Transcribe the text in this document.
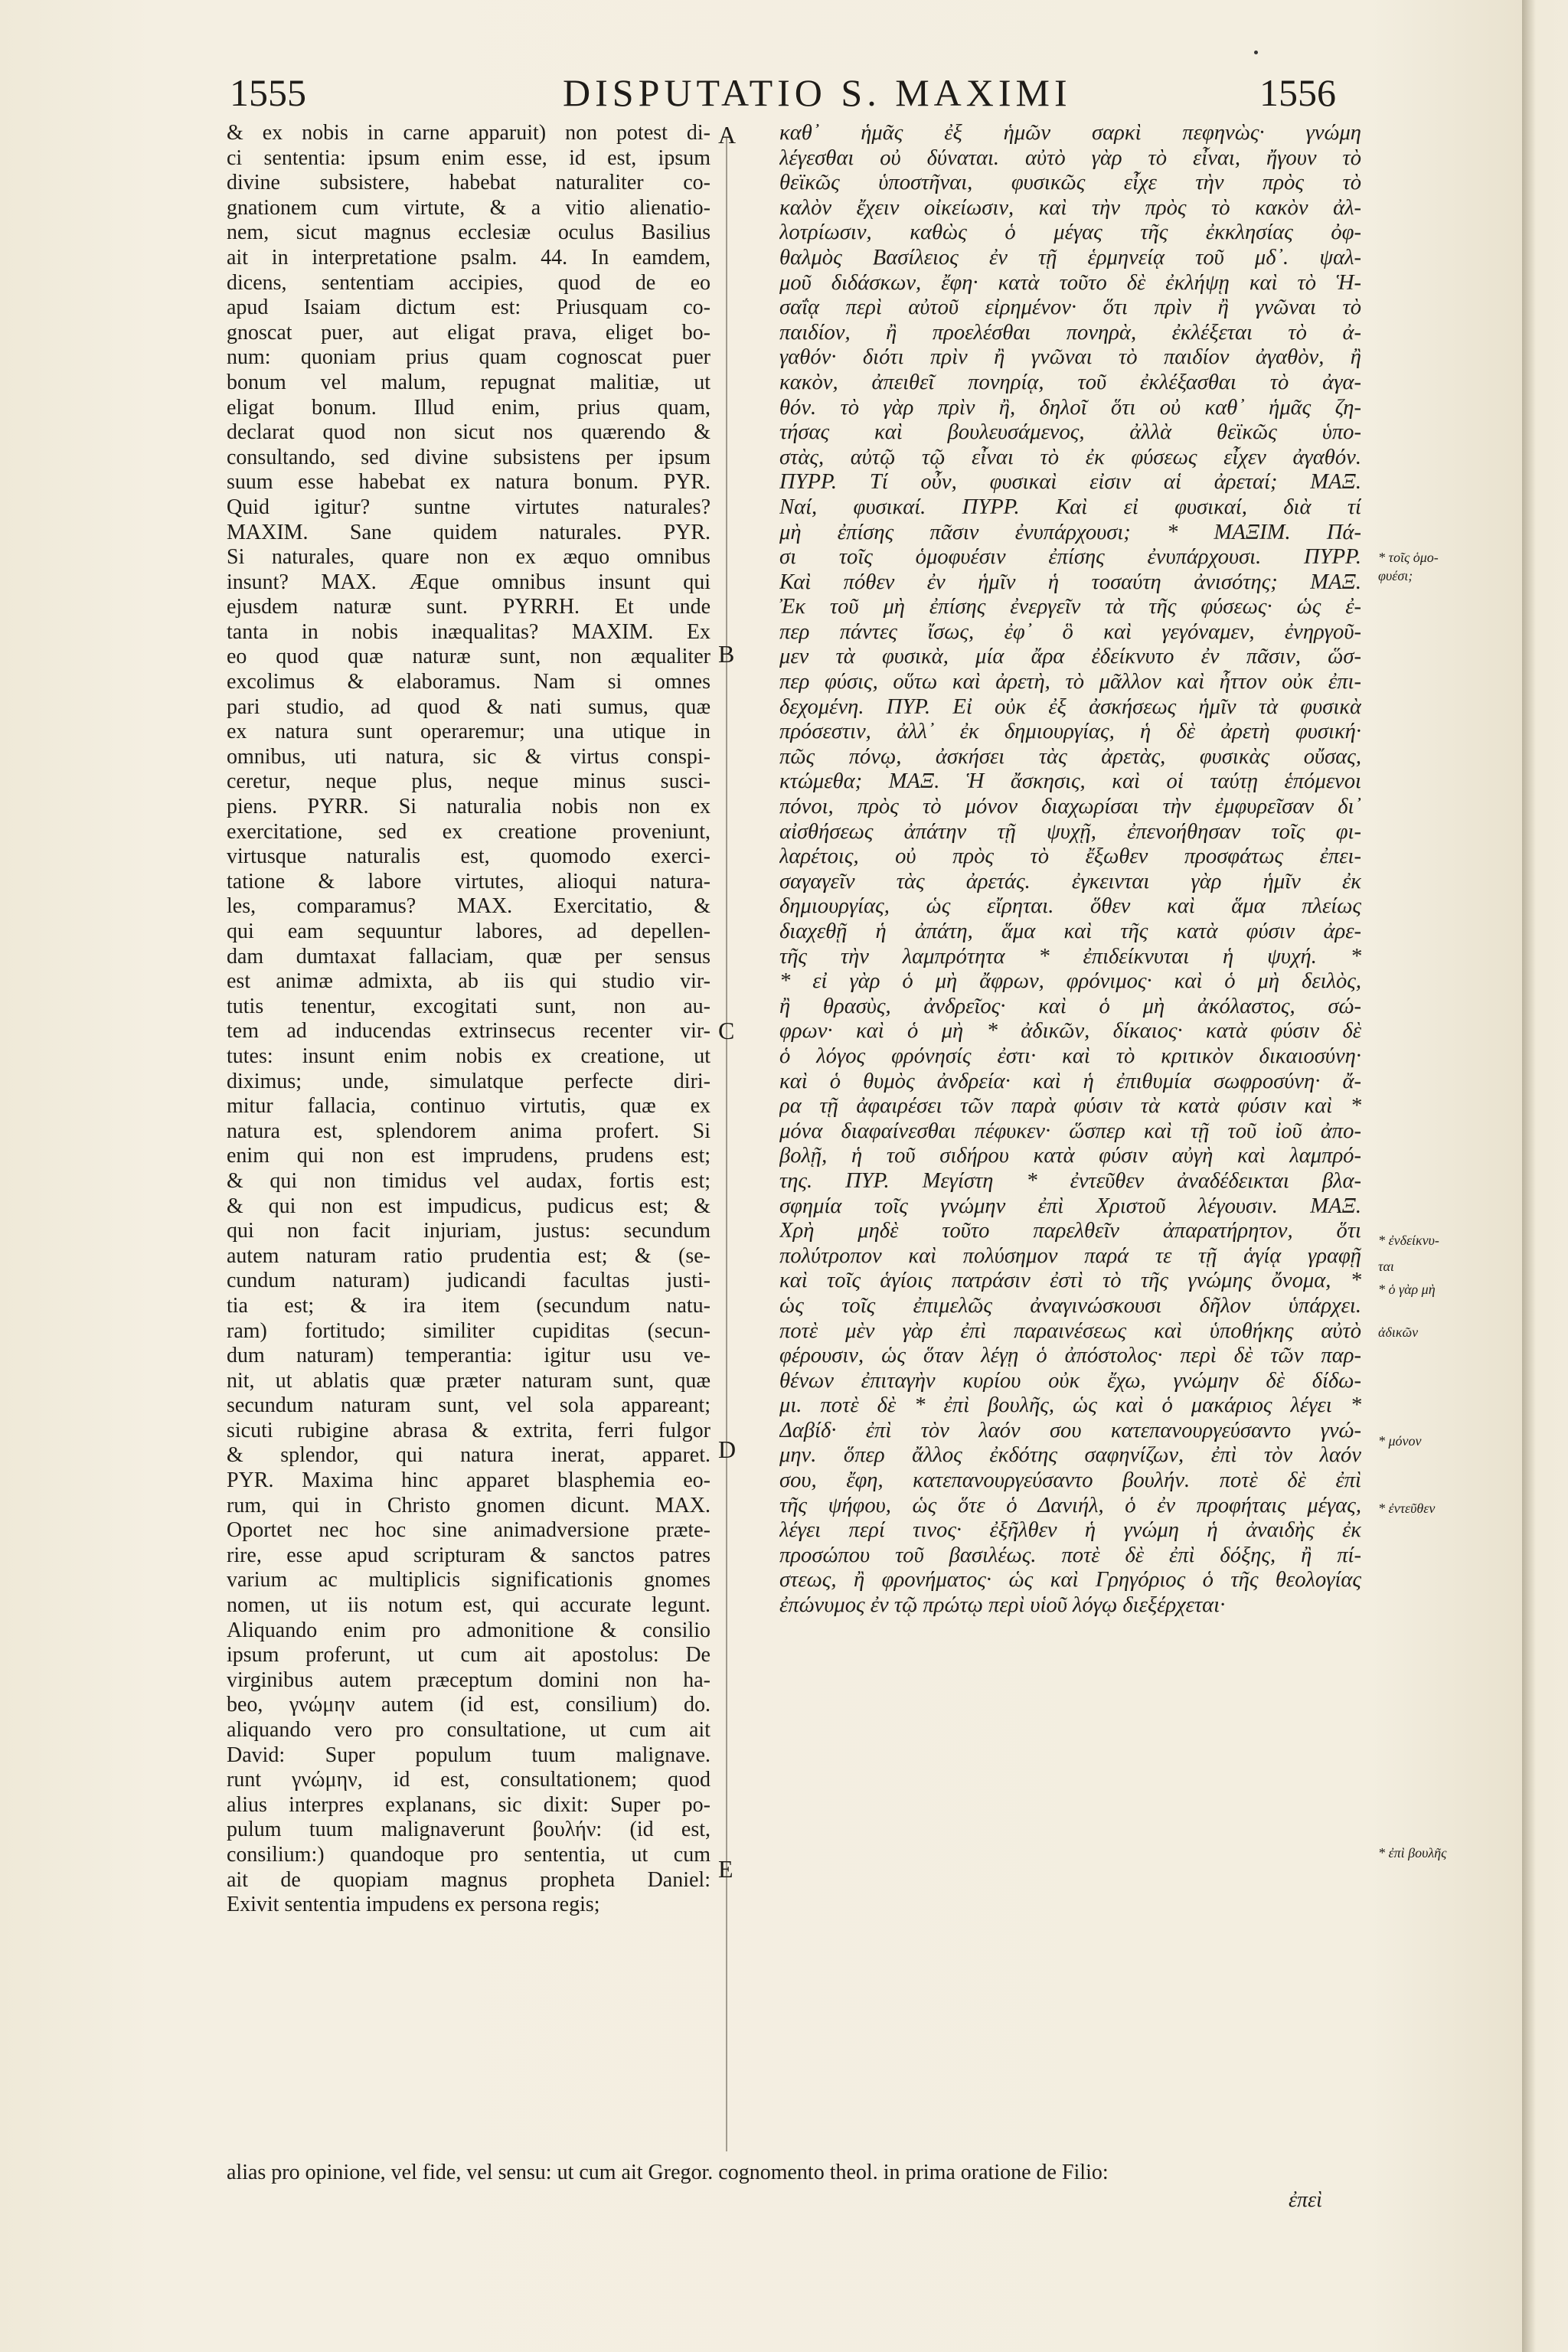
1555	DISPUTATIO S. MAXIMI	1556
& ex nobis in carne apparuit) non potest di-
ci sententia: ipsum enim esse, id est, ipsum
divine subsistere, habebat naturaliter co-
gnationem cum virtute, & a vitio alienatio-
nem, sicut magnus ecclesiæ oculus Basilius
ait in interpretatione psalm. 44. In eamdem,
dicens, sententiam accipies, quod de eo
apud Isaiam dictum est: Priusquam co-
gnoscat puer, aut eligat prava, eliget bo-
num: quoniam prius quam cognoscat puer
bonum vel malum, repugnat malitiæ, ut
eligat bonum. Illud enim, prius quam,
declarat quod non sicut nos quærendo &
consultando, sed divine subsistens per ipsum
suum esse habebat ex natura bonum. PYR.
Quid igitur? suntne virtutes naturales?
MAXIM. Sane quidem naturales. PYR.
Si naturales, quare non ex æquo omnibus
insunt? MAX. Æque omnibus insunt qui
ejusdem naturæ sunt. PYRRH. Et unde
tanta in nobis inæqualitas? MAXIM. Ex
eo quod quæ naturæ sunt, non æqualiter
excolimus & elaboramus. Nam si omnes
pari studio, ad quod & nati sumus, quæ
ex natura sunt operaremur; una utique in
omnibus, uti natura, sic & virtus conspi-
ceretur, neque plus, neque minus susci-
piens. PYRR. Si naturalia nobis non ex
exercitatione, sed ex creatione proveniunt,
virtusque naturalis est, quomodo exerci-
tatione & labore virtutes, alioqui natura-
les, comparamus? MAX. Exercitatio, &
qui eam sequuntur labores, ad depellen-
dam dumtaxat fallaciam, quæ per sensus
est animæ admixta, ab iis qui studio vir-
tutis tenentur, excogitati sunt, non au-
tem ad inducendas extrinsecus recenter vir-
tutes: insunt enim nobis ex creatione, ut
diximus; unde, simulatque perfecte diri-
mitur fallacia, continuo virtutis, quæ ex
natura est, splendorem anima profert. Si
enim qui non est imprudens, prudens est;
& qui non timidus vel audax, fortis est;
& qui non est impudicus, pudicus est; &
qui non facit injuriam, justus: secundum
autem naturam ratio prudentia est; & (se-
cundum naturam) judicandi facultas justi-
tia est; & ira item (secundum natu-
ram) fortitudo; similiter cupiditas (secun-
dum naturam) temperantia: igitur usu ve-
nit, ut ablatis quæ præter naturam sunt, quæ
secundum naturam sunt, vel sola appareant;
sicuti rubigine abrasa & extrita, ferri fulgor
& splendor, qui natura inerat, apparet.
PYR. Maxima hinc apparet blasphemia eo-
rum, qui in Christo gnomen dicunt. MAX.
Oportet nec hoc sine animadversione præte-
rire, esse apud scripturam & sanctos patres
varium ac multiplicis significationis gnomes
nomen, ut iis notum est, qui accurate legunt.
Aliquando enim pro admonitione & consilio
ipsum proferunt, ut cum ait apostolus: De
virginibus autem præceptum domini non ha-
beo, γνώμην autem (id est, consilium) do.
aliquando vero pro consultatione, ut cum ait
David: Super populum tuum malignave.
runt γνώμην, id est, consultationem; quod
alius interpres explanans, sic dixit: Super po-
pulum tuum malignaverunt βουλήν: (id est,
consilium:) quandoque pro sententia, ut cum
ait de quopiam magnus propheta Daniel:
Exivit sententia impudens ex persona regis;
A
B
C
D
E
καθ᾽ ἡμᾶς ἐξ ἡμῶν σαρκὶ πεφηνὼς· γνώμη
λέγεσθαι οὐ δύναται. αὐτὸ γὰρ τὸ εἶναι, ἤγουν τὸ
θεϊκῶς ὑποστῆναι, φυσικῶς εἶχε τὴν πρὸς τὸ
καλὸν ἔχειν οἰκείωσιν, καὶ τὴν πρὸς τὸ κακὸν ἀλ-
λοτρίωσιν, καθὼς ὁ μέγας τῆς ἐκκλησίας ὀφ-
θαλμὸς Βασίλειος ἐν τῇ ἑρμηνείᾳ τοῦ μδ᾽. ψαλ-
μοῦ διδάσκων, ἔφη· κατὰ τοῦτο δὲ ἐκλήψῃ καὶ τὸ Ἡ-
σαΐᾳ περὶ αὐτοῦ εἰρημένον· ὅτι πρὶν ἢ γνῶναι τὸ
παιδίον, ἢ προελέσθαι πονηρὰ, ἐκλέξεται τὸ ἀ-
γαθόν· διότι πρὶν ἢ γνῶναι τὸ παιδίον ἀγαθὸν, ἢ
κακὸν, ἀπειθεῖ πονηρίᾳ, τοῦ ἐκλέξασθαι τὸ ἀγα-
θόν. τὸ γὰρ πρὶν ἢ, δηλοῖ ὅτι οὐ καθ᾽ ἡμᾶς ζη-
τήσας καὶ βουλευσάμενος, ἀλλὰ θεϊκῶς ὑπο-
στὰς, αὐτῷ τῷ εἶναι τὸ ἐκ φύσεως εἶχεν ἀγαθόν.
ΠΥΡΡ. Τί οὖν, φυσικαὶ εἰσιν αἱ ἀρεταί; ΜΑΞ.
Ναί, φυσικαί. ΠΥΡΡ. Καὶ εἰ φυσικαί, διὰ τί
μὴ ἐπίσης πᾶσιν ἐνυπάρχουσι; * ΜΑΞΙΜ. Πά-
σι τοῖς ὁμοφυέσιν ἐπίσης ἐνυπάρχουσι. ΠΥΡΡ.
Καὶ πόθεν ἐν ἡμῖν ἡ τοσαύτη ἀνισότης; ΜΑΞ.
Ἐκ τοῦ μὴ ἐπίσης ἐνεργεῖν τὰ τῆς φύσεως· ὡς ἐ-
περ πάντες ἴσως, ἐφ᾽ ὃ καὶ γεγόναμεν, ἐνηργοῦ-
μεν τὰ φυσικὰ, μία ἄρα ἐδείκνυτο ἐν πᾶσιν, ὥσ-
περ φύσις, οὕτω καὶ ἀρετὴ, τὸ μᾶλλον καὶ ἧττον οὐκ ἐπι-
δεχομένη. ΠΥΡ. Εἰ οὐκ ἐξ ἀσκήσεως ἡμῖν τὰ φυσικὰ
πρόσεστιν, ἀλλ᾽ ἐκ δημιουργίας, ἡ δὲ ἀρετὴ φυσική·
πῶς πόνῳ, ἀσκήσει τὰς ἀρετὰς, φυσικὰς οὔσας,
κτώμεθα; ΜΑΞ. Ἡ ἄσκησις, καὶ οἱ ταύτῃ ἑπόμενοι
πόνοι, πρὸς τὸ μόνον διαχωρίσαι τὴν ἐμφυρεῖσαν δι᾽
αἰσθήσεως ἀπάτην τῇ ψυχῇ, ἐπενοήθησαν τοῖς φι-
λαρέτοις, οὐ πρὸς τὸ ἔξωθεν προσφάτως ἐπει-
σαγαγεῖν τὰς ἀρετάς. ἐγκεινται γὰρ ἡμῖν ἐκ
δημιουργίας, ὡς εἴρηται. ὅθεν καὶ ἅμα πλείως
διαχεθῇ ἡ ἀπάτη, ἅμα καὶ τῆς κατὰ φύσιν ἀρε-
τῆς τὴν λαμπρότητα * ἐπιδείκνυται ἡ ψυχή. *
* εἰ γὰρ ὁ μὴ ἄφρων, φρόνιμος· καὶ ὁ μὴ δειλὸς,
ἢ θρασὺς, ἀνδρεῖος· καὶ ὁ μὴ ἀκόλαστος, σώ-
φρων· καὶ ὁ μὴ * ἀδικῶν, δίκαιος· κατὰ φύσιν δὲ
ὁ λόγος φρόνησίς ἐστι· καὶ τὸ κριτικὸν δικαιοσύνη·
καὶ ὁ θυμὸς ἀνδρεία· καὶ ἡ ἐπιθυμία σωφροσύνη· ἄ-
ρα τῇ ἀφαιρέσει τῶν παρὰ φύσιν τὰ κατὰ φύσιν καὶ *
μόνα διαφαίνεσθαι πέφυκεν· ὥσπερ καὶ τῇ τοῦ ἰοῦ ἀπο-
βολῇ, ἡ τοῦ σιδήρου κατὰ φύσιν αὐγὴ καὶ λαμπρό-
της. ΠΥΡ. Μεγίστη * ἐντεῦθεν ἀναδέδεικται βλα-
σφημία τοῖς γνώμην ἐπὶ Χριστοῦ λέγουσιν. ΜΑΞ.
Χρὴ μηδὲ τοῦτο παρελθεῖν ἀπαρατήρητον, ὅτι
πολύτροπον καὶ πολύσημον παρά τε τῇ ἁγίᾳ γραφῇ
καὶ τοῖς ἁγίοις πατράσιν ἐστὶ τὸ τῆς γνώμης ὄνομα, *
ὡς τοῖς ἐπιμελῶς ἀναγινώσκουσι δῆλον ὑπάρχει.
ποτὲ μὲν γὰρ ἐπὶ παραινέσεως καὶ ὑποθήκης αὐτὸ
φέρουσιν, ὡς ὅταν λέγῃ ὁ ἀπόστολος· περὶ δὲ τῶν παρ-
θένων ἐπιταγὴν κυρίου οὐκ ἔχω, γνώμην δὲ δίδω-
μι. ποτὲ δὲ * ἐπὶ βουλῆς, ὡς καὶ ὁ μακάριος λέγει *
Δαβίδ· ἐπὶ τὸν λαόν σου κατεπανουργεύσαντο γνώ-
μην. ὅπερ ἄλλος ἐκδότης σαφηνίζων, ἐπὶ τὸν λαόν
σου, ἔφη, κατεπανουργεύσαντο βουλήν. ποτὲ δὲ ἐπὶ
τῆς ψήφου, ὡς ὅτε ὁ Δανιήλ, ὁ ἐν προφήταις μέγας,
λέγει περί τινος· ἐξῆλθεν ἡ γνώμη ἡ ἀναιδὴς ἐκ
προσώπου τοῦ βασιλέως. ποτὲ δὲ ἐπὶ δόξης, ἢ πί-
στεως, ἢ φρονήματος· ὡς καὶ Γρηγόριος ὁ τῆς θεολογίας
ἐπώνυμος ἐν τῷ πρώτῳ περὶ υἱοῦ λόγῳ διεξέρχεται·
* τοῖς ὁμο-
φυέσι;
* ἐνδείκνυ-
ται
* ὁ γὰρ μὴ
ἀδικῶν
* μόνον
* ἐντεῦθεν
* ἐπὶ βουλῆς
alias pro opinione, vel fide, vel sensu: ut cum ait Gregor. cognomento theol. in prima oratione de Filio:
ἐπεὶ
